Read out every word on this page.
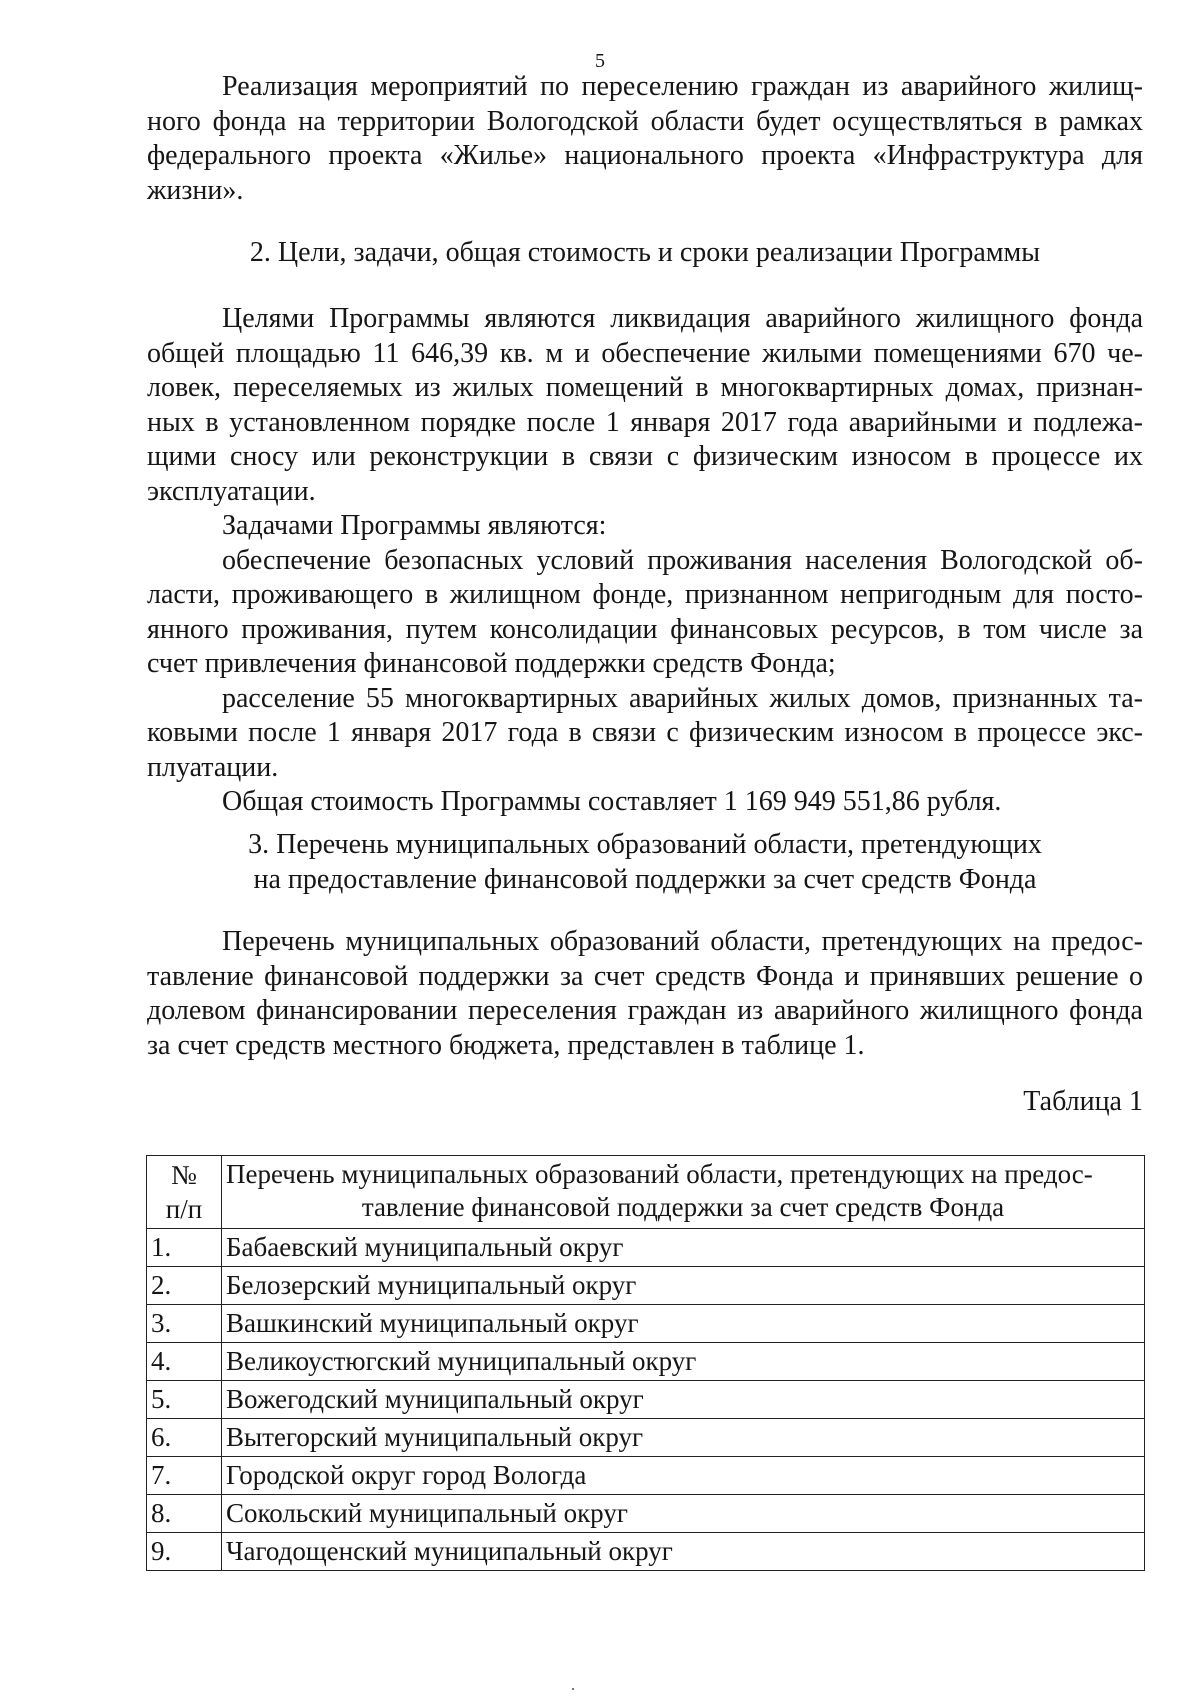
5
Реализация мероприятий по переселению граждан из аварийного жилищ-
ного фонда на территории Вологодской области будет осуществляться в рамках
федерального проекта «Жилье» национального проекта «Инфраструктура для
жизни».
2. Цели, задачи, общая стоимость и сроки реализации Программы
Целями Программы являются ликвидация аварийного жилищного фонда
общей площадью 11 646,39 кв. м и обеспечение жилыми помещениями 670 че-
ловек, переселяемых из жилых помещений в многоквартирных домах, признан-
ных в установленном порядке после 1 января 2017 года аварийными и подлежа-
щими сносу или реконструкции в связи с физическим износом в процессе их
эксплуатации.
Задачами Программы являются:
обеспечение безопасных условий проживания населения Вологодской об-
ласти, проживающего в жилищном фонде, признанном непригодным для посто-
янного проживания, путем консолидации финансовых ресурсов, в том числе за
счет привлечения финансовой поддержки средств Фонда;
расселение 55 многоквартирных аварийных жилых домов, признанных та-
ковыми после 1 января 2017 года в связи с физическим износом в процессе экс-
плуатации.
Общая стоимость Программы составляет 1 169 949 551,86 рубля.
3. Перечень муниципальных образований области, претендующих
на предоставление финансовой поддержки за счет средств Фонда
Перечень муниципальных образований области, претендующих на предос-
тавление финансовой поддержки за счет средств Фонда и принявших решение о
долевом финансировании переселения граждан из аварийного жилищного фонда
за счет средств местного бюджета, представлен в таблице 1.
Таблица 1
№ п/п	Перечень муниципальных образований области, претендующих на предос-
тавление финансовой поддержки за счет средств Фонда

1.	Бабаевский муниципальный округ
2.	Белозерский муниципальный округ
3.	Вашкинский муниципальный округ
4.	Великоустюгский муниципальный округ
5.	Вожегодский муниципальный округ
6.	Вытегорский муниципальный округ
7.	Городской округ город Вологда
8.	Сокольский муниципальный округ
9.	Чагодощенский муниципальный округ
